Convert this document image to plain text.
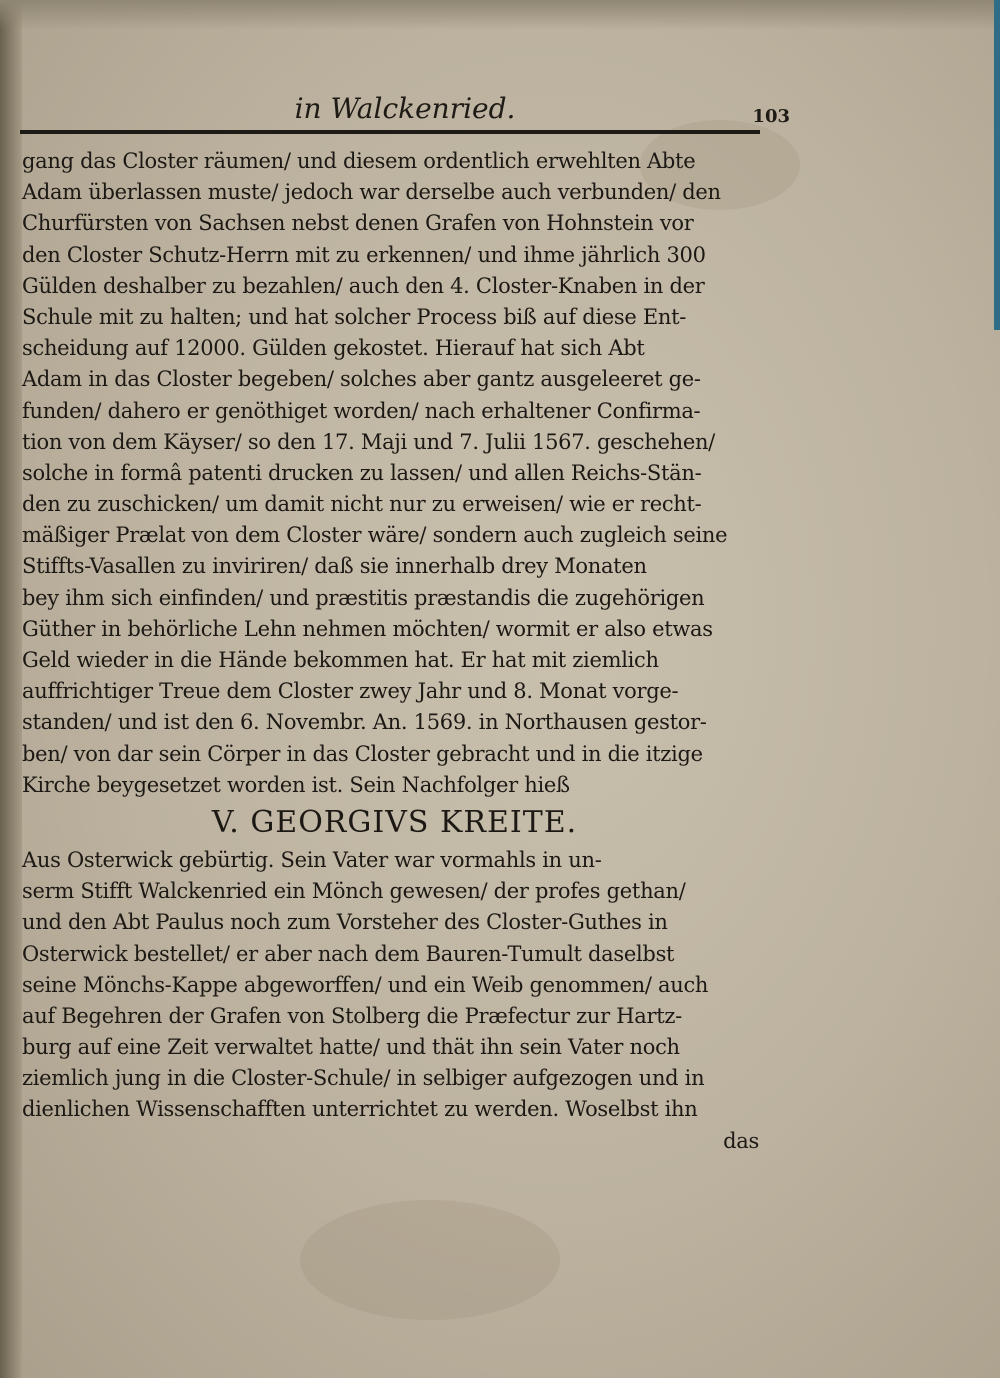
in Walckenried.	103
gang das Closter räumen/ und diesem ordentlich erwehlten Abte
Adam überlassen muste/ jedoch war derselbe auch verbunden/ den
Churfürsten von Sachsen nebst denen Grafen von Hohnstein vor
den Closter Schutz-Herrn mit zu erkennen/ und ihme jährlich 300
Gülden deshalber zu bezahlen/ auch den 4. Closter-Knaben in der
Schule mit zu halten; und hat solcher Process biß auf diese Ent-
scheidung auf 12000. Gülden gekostet. Hierauf hat sich Abt
Adam in das Closter begeben/ solches aber gantz ausgeleeret ge-
funden/ dahero er genöthiget worden/ nach erhaltener Confirma-
tion von dem Käyser/ so den 17. Maji und 7. Julii 1567. geschehen/
solche in formâ patenti drucken zu lassen/ und allen Reichs-Stän-
den zu zuschicken/ um damit nicht nur zu erweisen/ wie er recht-
mäßiger Prælat von dem Closter wäre/ sondern auch zugleich seine
Stiffts-Vasallen zu inviriren/ daß sie innerhalb drey Monaten
bey ihm sich einfinden/ und præstitis præstandis die zugehörigen
Güther in behörliche Lehn nehmen möchten/ wormit er also etwas
Geld wieder in die Hände bekommen hat. Er hat mit ziemlich
auffrichtiger Treue dem Closter zwey Jahr und 8. Monat vorge-
standen/ und ist den 6. Novembr. An. 1569. in Northausen gestor-
ben/ von dar sein Cörper in das Closter gebracht und in die itzige
Kirche beygesetzet worden ist. Sein Nachfolger hieß
V. GEORGIVS KREITE.
Aus Osterwick gebürtig. Sein Vater war vormahls in un-
serm Stifft Walckenried ein Mönch gewesen/ der profes gethan/
und den Abt Paulus noch zum Vorsteher des Closter-Guthes in
Osterwick bestellet/ er aber nach dem Bauren-Tumult daselbst
seine Mönchs-Kappe abgeworffen/ und ein Weib genommen/ auch
auf Begehren der Grafen von Stolberg die Præfectur zur Hartz-
burg auf eine Zeit verwaltet hatte/ und thät ihn sein Vater noch
ziemlich jung in die Closter-Schule/ in selbiger aufgezogen und in
dienlichen Wissenschafften unterrichtet zu werden. Woselbst ihn
das
